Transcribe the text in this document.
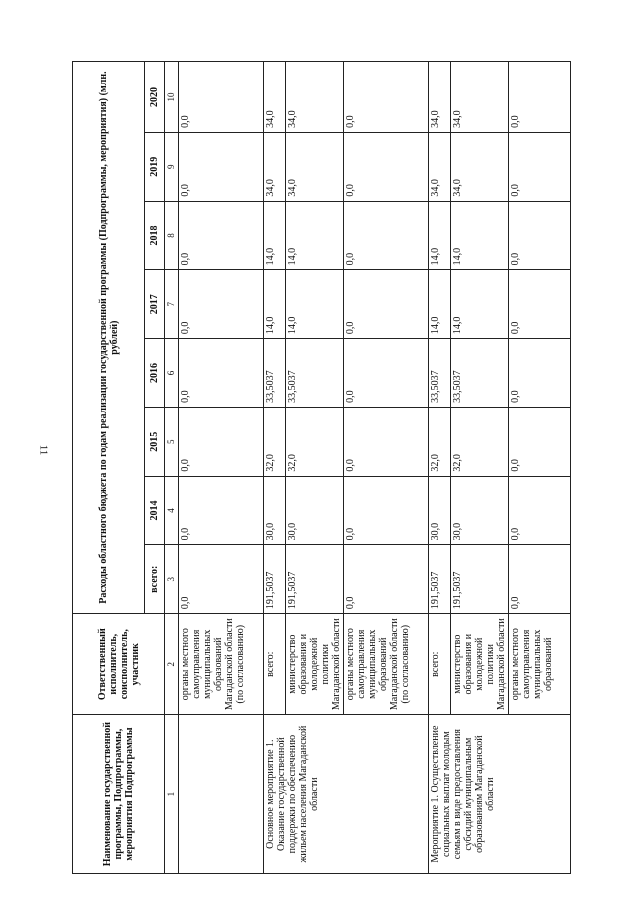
11
Наименование государственной программы, Подпрограммы, мероприятия Подпрограммы	Ответственный исполнитель, соисполнитель, участник	Расходы областного бюджета по годам реализации государственной программы (Подпрограммы, мероприятия) (млн. рублей)							
		всего:	2014	2015	2016	2017	2018	2019	2020
1	2	3	4	5	6	7	8	9	10
	органы местного самоуправления муниципальных образований Магаданской области (по согласованию)	0,0	0,0	0,0	0,0	0,0	0,0	0,0	0,0
Основное мероприятие 1. Оказание государственной поддержки по обеспечению жильем населения Магаданской области	всего:	191,5037	30,0	32,0	33,5037	14,0	14,0	34,0	34,0
	министерство образования и молодежной политики Магаданской области	191,5037	30,0	32,0	33,5037	14,0	14,0	34,0	34,0
	органы местного самоуправления муниципальных образований Магаданской области (по согласованию)	0,0	0,0	0,0	0,0	0,0	0,0	0,0	0,0
Мероприятие 1. Осуществление социальных выплат молодым семьям в виде предоставления субсидий муниципальным образованиям Магаданской области	всего:	191,5037	30,0	32,0	33,5037	14,0	14,0	34,0	34,0
	министерство образования и молодежной политики Магаданской области	191,5037	30,0	32,0	33,5037	14,0	14,0	34,0	34,0
	органы местного самоуправления муниципальных образований	0,0	0,0	0,0	0,0	0,0	0,0	0,0	0,0
